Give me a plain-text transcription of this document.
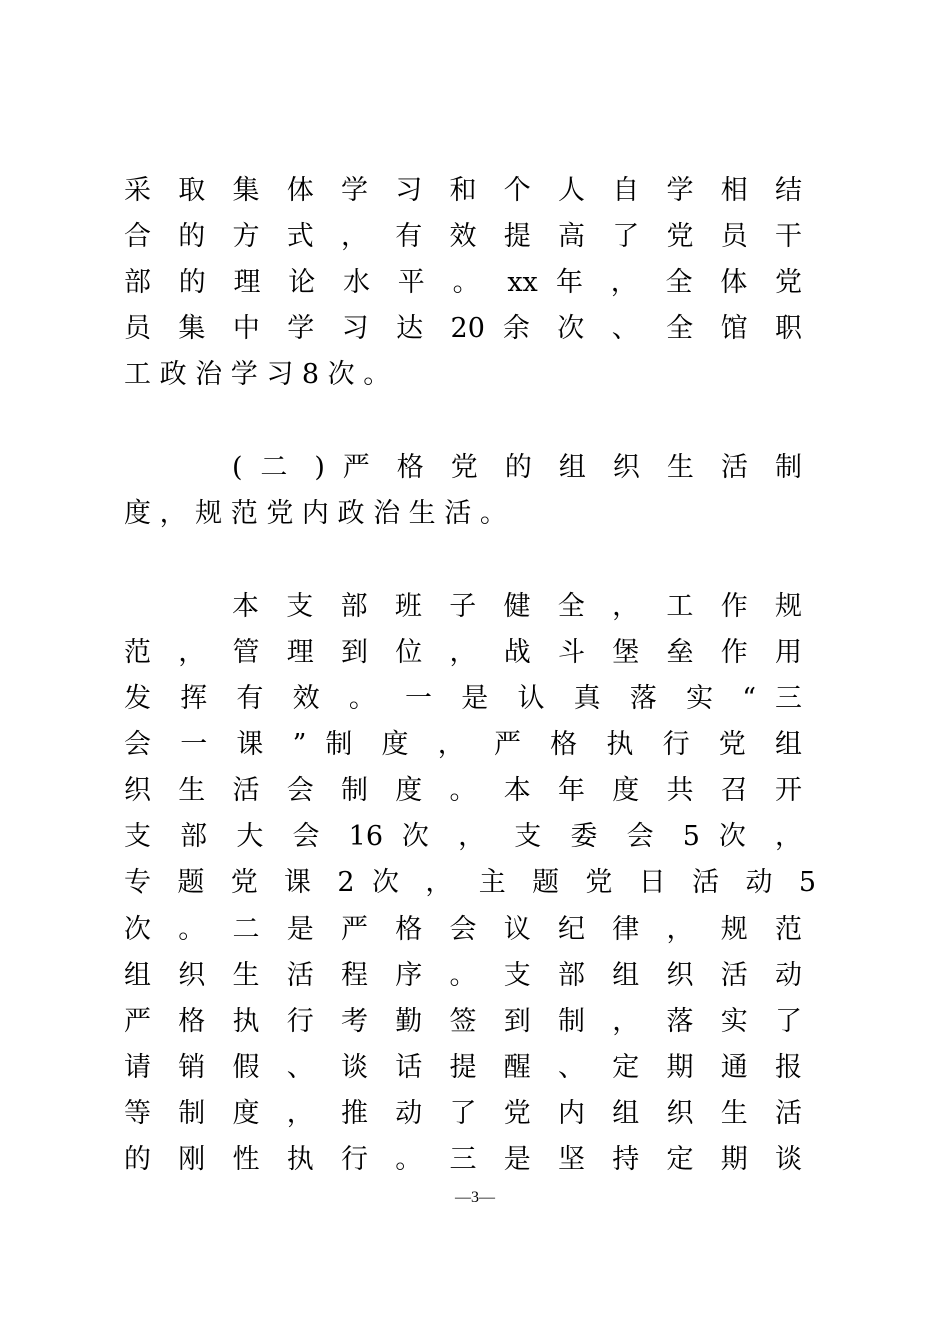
采 取 集 体 学 习 和 个 人 自 学 相 结
合 的 方 式 ， 有 效 提 高 了 党 员 干
部 的 理 论 水 平 。 xx 年 ， 全 体 党
员 集 中 学 习 达 20 余 次 、 全 馆 职
工 政 治 学 习 8 次 。
( 二 ) 严 格 党 的 组 织 生 活 制
度 ， 规 范 党 内 政 治 生 活 。
本 支 部 班 子 健 全 ， 工 作 规
范 ， 管 理 到 位 ， 战 斗 堡 垒 作 用
发 挥 有 效 。 一 是 认 真 落 实 “ 三
会 一 课 ” 制 度 ， 严 格 执 行 党 组
织 生 活 会 制 度 。 本 年 度 共 召 开
支 部 大 会 16 次 ， 支 委 会 5 次 ，
专 题 党 课 2 次 ， 主 题 党 日 活 动 5
次 。 二 是 严 格 会 议 纪 律 ， 规 范
组 织 生 活 程 序 。 支 部 组 织 活 动
严 格 执 行 考 勤 签 到 制 ， 落 实 了
请 销 假 、 谈 话 提 醒 、 定 期 通 报
等 制 度 ， 推 动 了 党 内 组 织 生 活
的 刚 性 执 行 。 三 是 坚 持 定 期 谈
—3—
